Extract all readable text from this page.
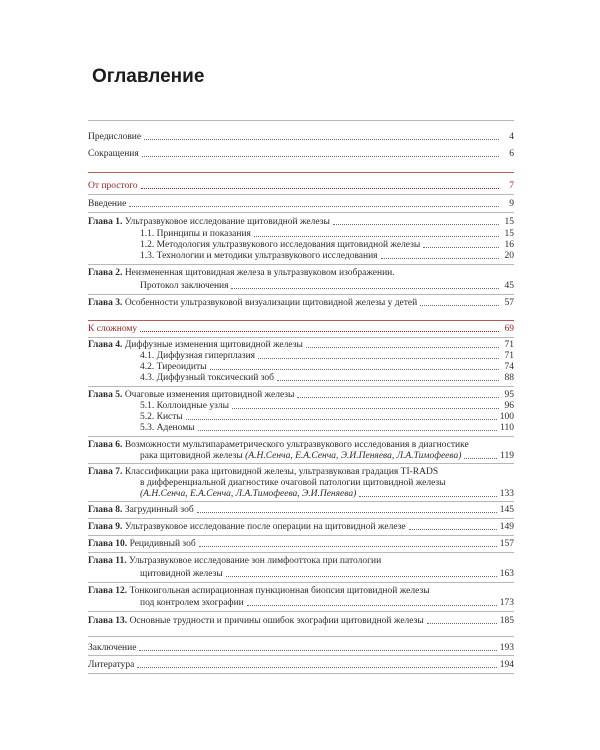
Оглавление
Предисловие	4
Сокращения	6
От простого	7
Введение	9
Глава 1. Ультразвуковое исследование щитовидной железы	15
1.1. Принципы и показания	15
1.2. Методология ультразвукового исследования щитовидной железы	16
1.3. Технологии и методики ультразвукового исследования	20
Глава 2. Неизмененная щитовидная железа в ультразвуковом изображении.
Протокол заключения	45
Глава 3. Особенности ультразвуковой визуализации щитовидной железы у детей	57
К сложному	69
Глава 4. Диффузные изменения щитовидной железы	71
4.1. Диффузная гиперплазия	71
4.2. Тиреоидиты	74
4.3. Диффузный токсический зоб	88
Глава 5. Очаговые изменения щитовидной железы	95
5.1. Коллоидные узлы	96
5.2. Кисты	100
5.3. Аденомы	110
Глава 6. Возможности мультипараметрического ультразвукового исследования в диагностике
рака щитовидной железы (А.Н.Сенча, Е.А.Сенча, Э.И.Пеняева, Л.А.Тимофеева)	119
Глава 7. Классификации рака щитовидной железы, ультразвуковая градация TI-RADS
в дифференциальной диагностике очаговой патологии щитовидной железы
(А.Н.Сенча, Е.А.Сенча, Л.А.Тимофеева, Э.И.Пеняева)	133
Глава 8. Загрудинный зоб	145
Глава 9. Ультразвуковое исследование после операции на щитовидной железе	149
Глава 10. Рецидивный зоб	157
Глава 11. Ультразвуковое исследование зон лимфооттока при патологии
щитовидной железы	163
Глава 12. Тонкоигольная аспирационная пункционная биопсия щитовидной железы
под контролем эхографии	173
Глава 13. Основные трудности и причины ошибок эхографии щитовидной железы	185
Заключение	193
Литература	194
